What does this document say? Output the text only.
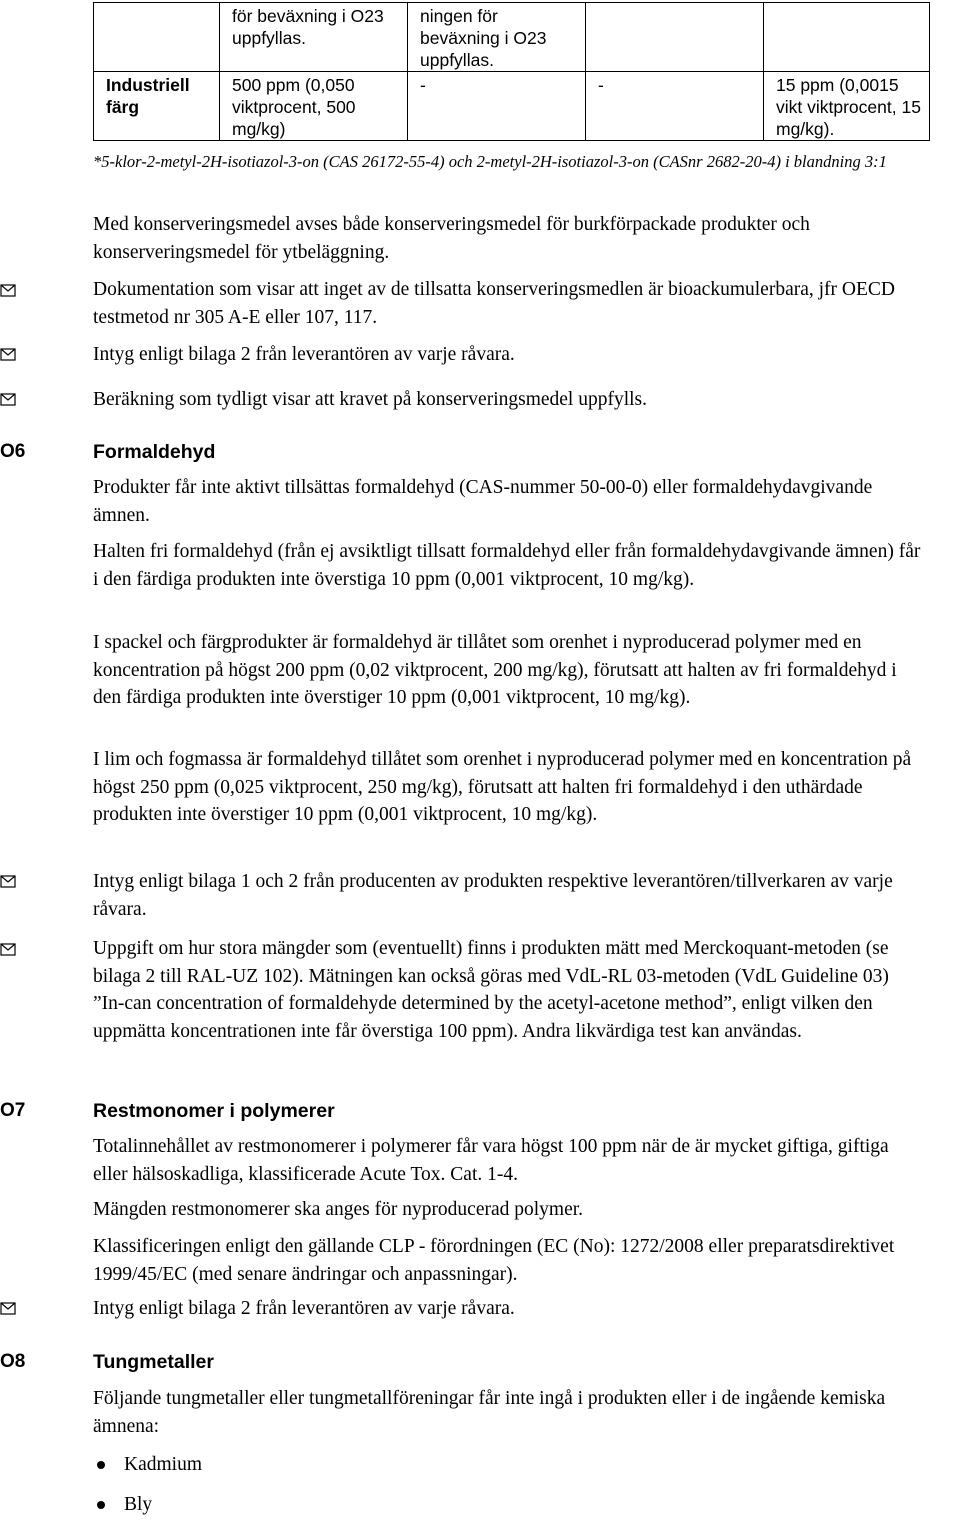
	för beväxning i O23 uppfyllas.	ningen för beväxning i O23 uppfyllas.		
Industriell färg	500 ppm (0,050 viktprocent, 500 mg/kg)	-	-	15 ppm (0,0015 vikt viktprocent, 15 mg/kg).
*5-klor-2-metyl-2H-isotiazol-3-on (CAS 26172-55-4) och 2-metyl-2H-isotiazol-3-on (CASnr 2682-20-4) i blandning 3:1
Med konserveringsmedel avses både konserveringsmedel för burkförpackade produkter och konserveringsmedel för ytbeläggning.
Dokumentation som visar att inget av de tillsatta konserveringsmedlen är bioackumulerbara, jfr OECD testmetod nr 305 A-E eller 107, 117.
Intyg enligt bilaga 2 från leverantören av varje råvara.
Beräkning som tydligt visar att kravet på konserveringsmedel uppfylls.
O6	Formaldehyd
Produkter får inte aktivt tillsättas formaldehyd (CAS-nummer 50-00-0) eller formaldehydavgivande ämnen.
Halten fri formaldehyd (från ej avsiktligt tillsatt formaldehyd eller från formaldehydavgivande ämnen) får i den färdiga produkten inte överstiga 10 ppm (0,001 viktprocent, 10 mg/kg).
I spackel och färgprodukter är formaldehyd är tillåtet som orenhet i nyproducerad polymer med en koncentration på högst 200 ppm (0,02 viktprocent, 200 mg/kg), förutsatt att halten av fri formaldehyd i den färdiga produkten inte överstiger 10 ppm (0,001 viktprocent, 10 mg/kg).
I lim och fogmassa är formaldehyd tillåtet som orenhet i nyproducerad polymer med en koncentration på högst 250 ppm (0,025 viktprocent, 250 mg/kg), förutsatt att halten fri formaldehyd i den uthärdade produkten inte överstiger 10 ppm (0,001 viktprocent, 10 mg/kg).
Intyg enligt bilaga 1 och 2 från producenten av produkten respektive leverantören/tillverkaren av varje råvara.
Uppgift om hur stora mängder som (eventuellt) finns i produkten mätt med Merckoquant-metoden (se bilaga 2 till RAL-UZ 102). Mätningen kan också göras med VdL-RL 03-metoden (VdL Guideline 03) ”In-can concentration of formaldehyde determined by the acetyl-acetone method”, enligt vilken den uppmätta koncentrationen inte får överstiga 100 ppm). Andra likvärdiga test kan användas.
O7	Restmonomer i polymerer
Totalinnehållet av restmonomerer i polymerer får vara högst 100 ppm när de är mycket giftiga, giftiga eller hälsoskadliga, klassificerade Acute Tox. Cat. 1-4.
Mängden restmonomerer ska anges för nyproducerad polymer.
Klassificeringen enligt den gällande CLP - förordningen (EC (No): 1272/2008 eller preparatsdirektivet 1999/45/EC (med senare ändringar och anpassningar).
Intyg enligt bilaga 2 från leverantören av varje råvara.
O8	Tungmetaller
Följande tungmetaller eller tungmetallföreningar får inte ingå i produkten eller i de ingående kemiska ämnena:
Kadmium
Bly
